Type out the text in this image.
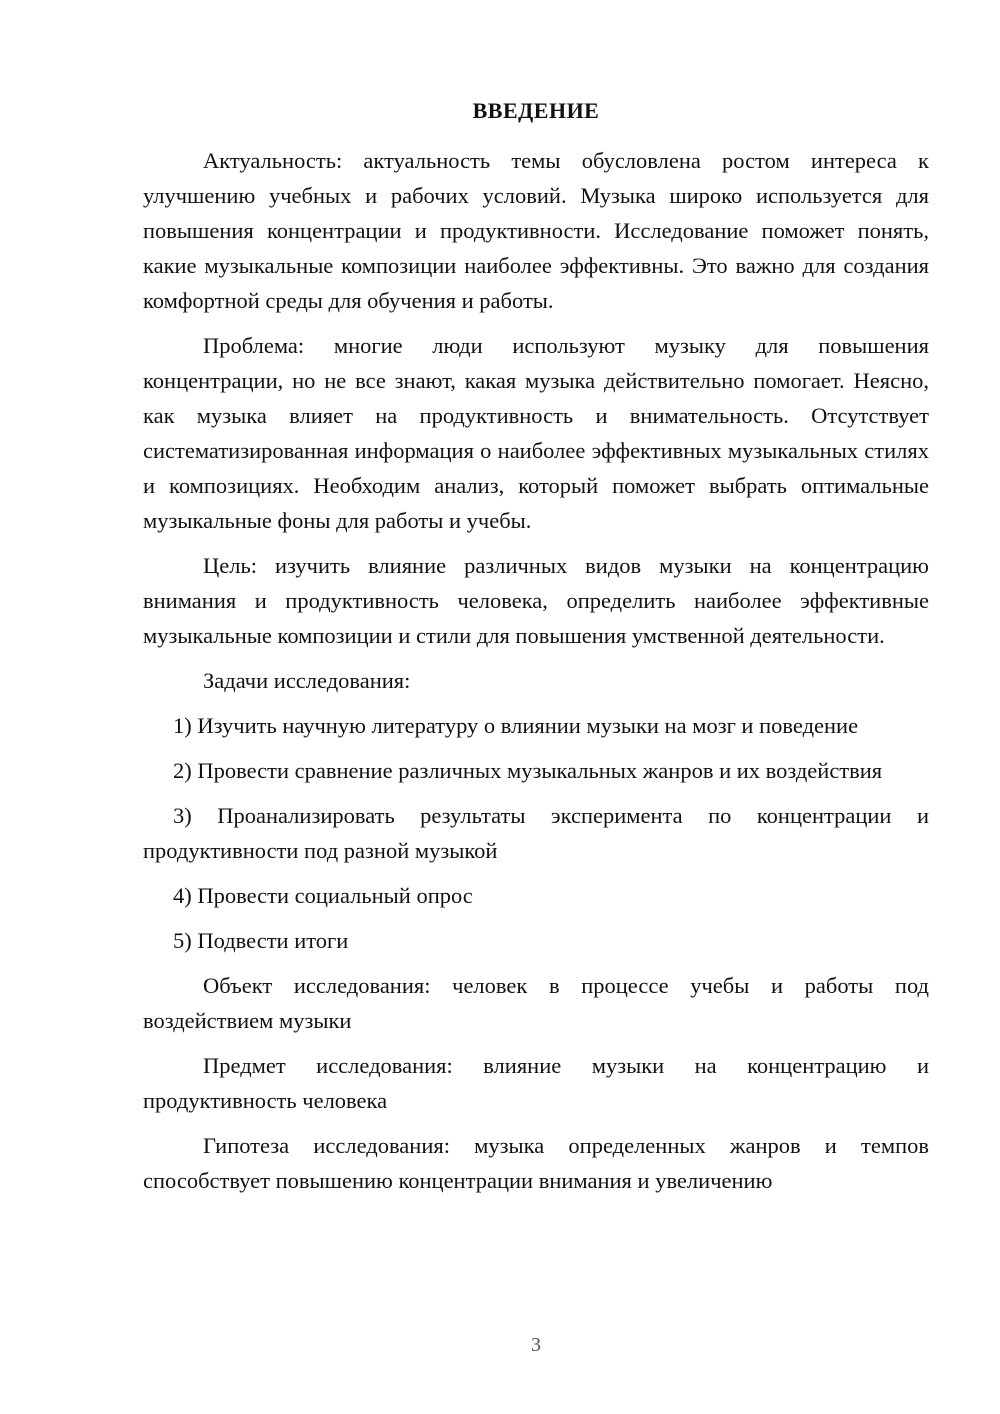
ВВЕДЕНИЕ

Актуальность: актуальность темы обусловлена ростом интереса к улучшению учебных и рабочих условий. Музыка широко используется для повышения концентрации и продуктивности. Исследование поможет понять, какие музыкальные композиции наиболее эффективны. Это важно для создания комфортной среды для обучения и работы.

Проблема: многие люди используют музыку для повышения концентрации, но не все знают, какая музыка действительно помогает. Неясно, как музыка влияет на продуктивность и внимательность. Отсутствует систематизированная информация о наиболее эффективных музыкальных стилях и композициях. Необходим анализ, который поможет выбрать оптимальные музыкальные фоны для работы и учебы.

Цель: изучить влияние различных видов музыки на концентрацию внимания и продуктивность человека, определить наиболее эффективные музыкальные композиции и стили для повышения умственной деятельности.

Задачи исследования:

1) Изучить научную литературу о влиянии музыки на мозг и поведение

2) Провести сравнение различных музыкальных жанров и их воздействия

3) Проанализировать результаты эксперимента по концентрации и продуктивности под разной музыкой

4) Провести социальный опрос

5) Подвести итоги

Объект исследования: человек в процессе учебы и работы под воздействием музыки

Предмет исследования: влияние музыки на концентрацию и продуктивность человека

Гипотеза исследования: музыка определенных жанров и темпов способствует повышению концентрации внимания и увеличению

3
